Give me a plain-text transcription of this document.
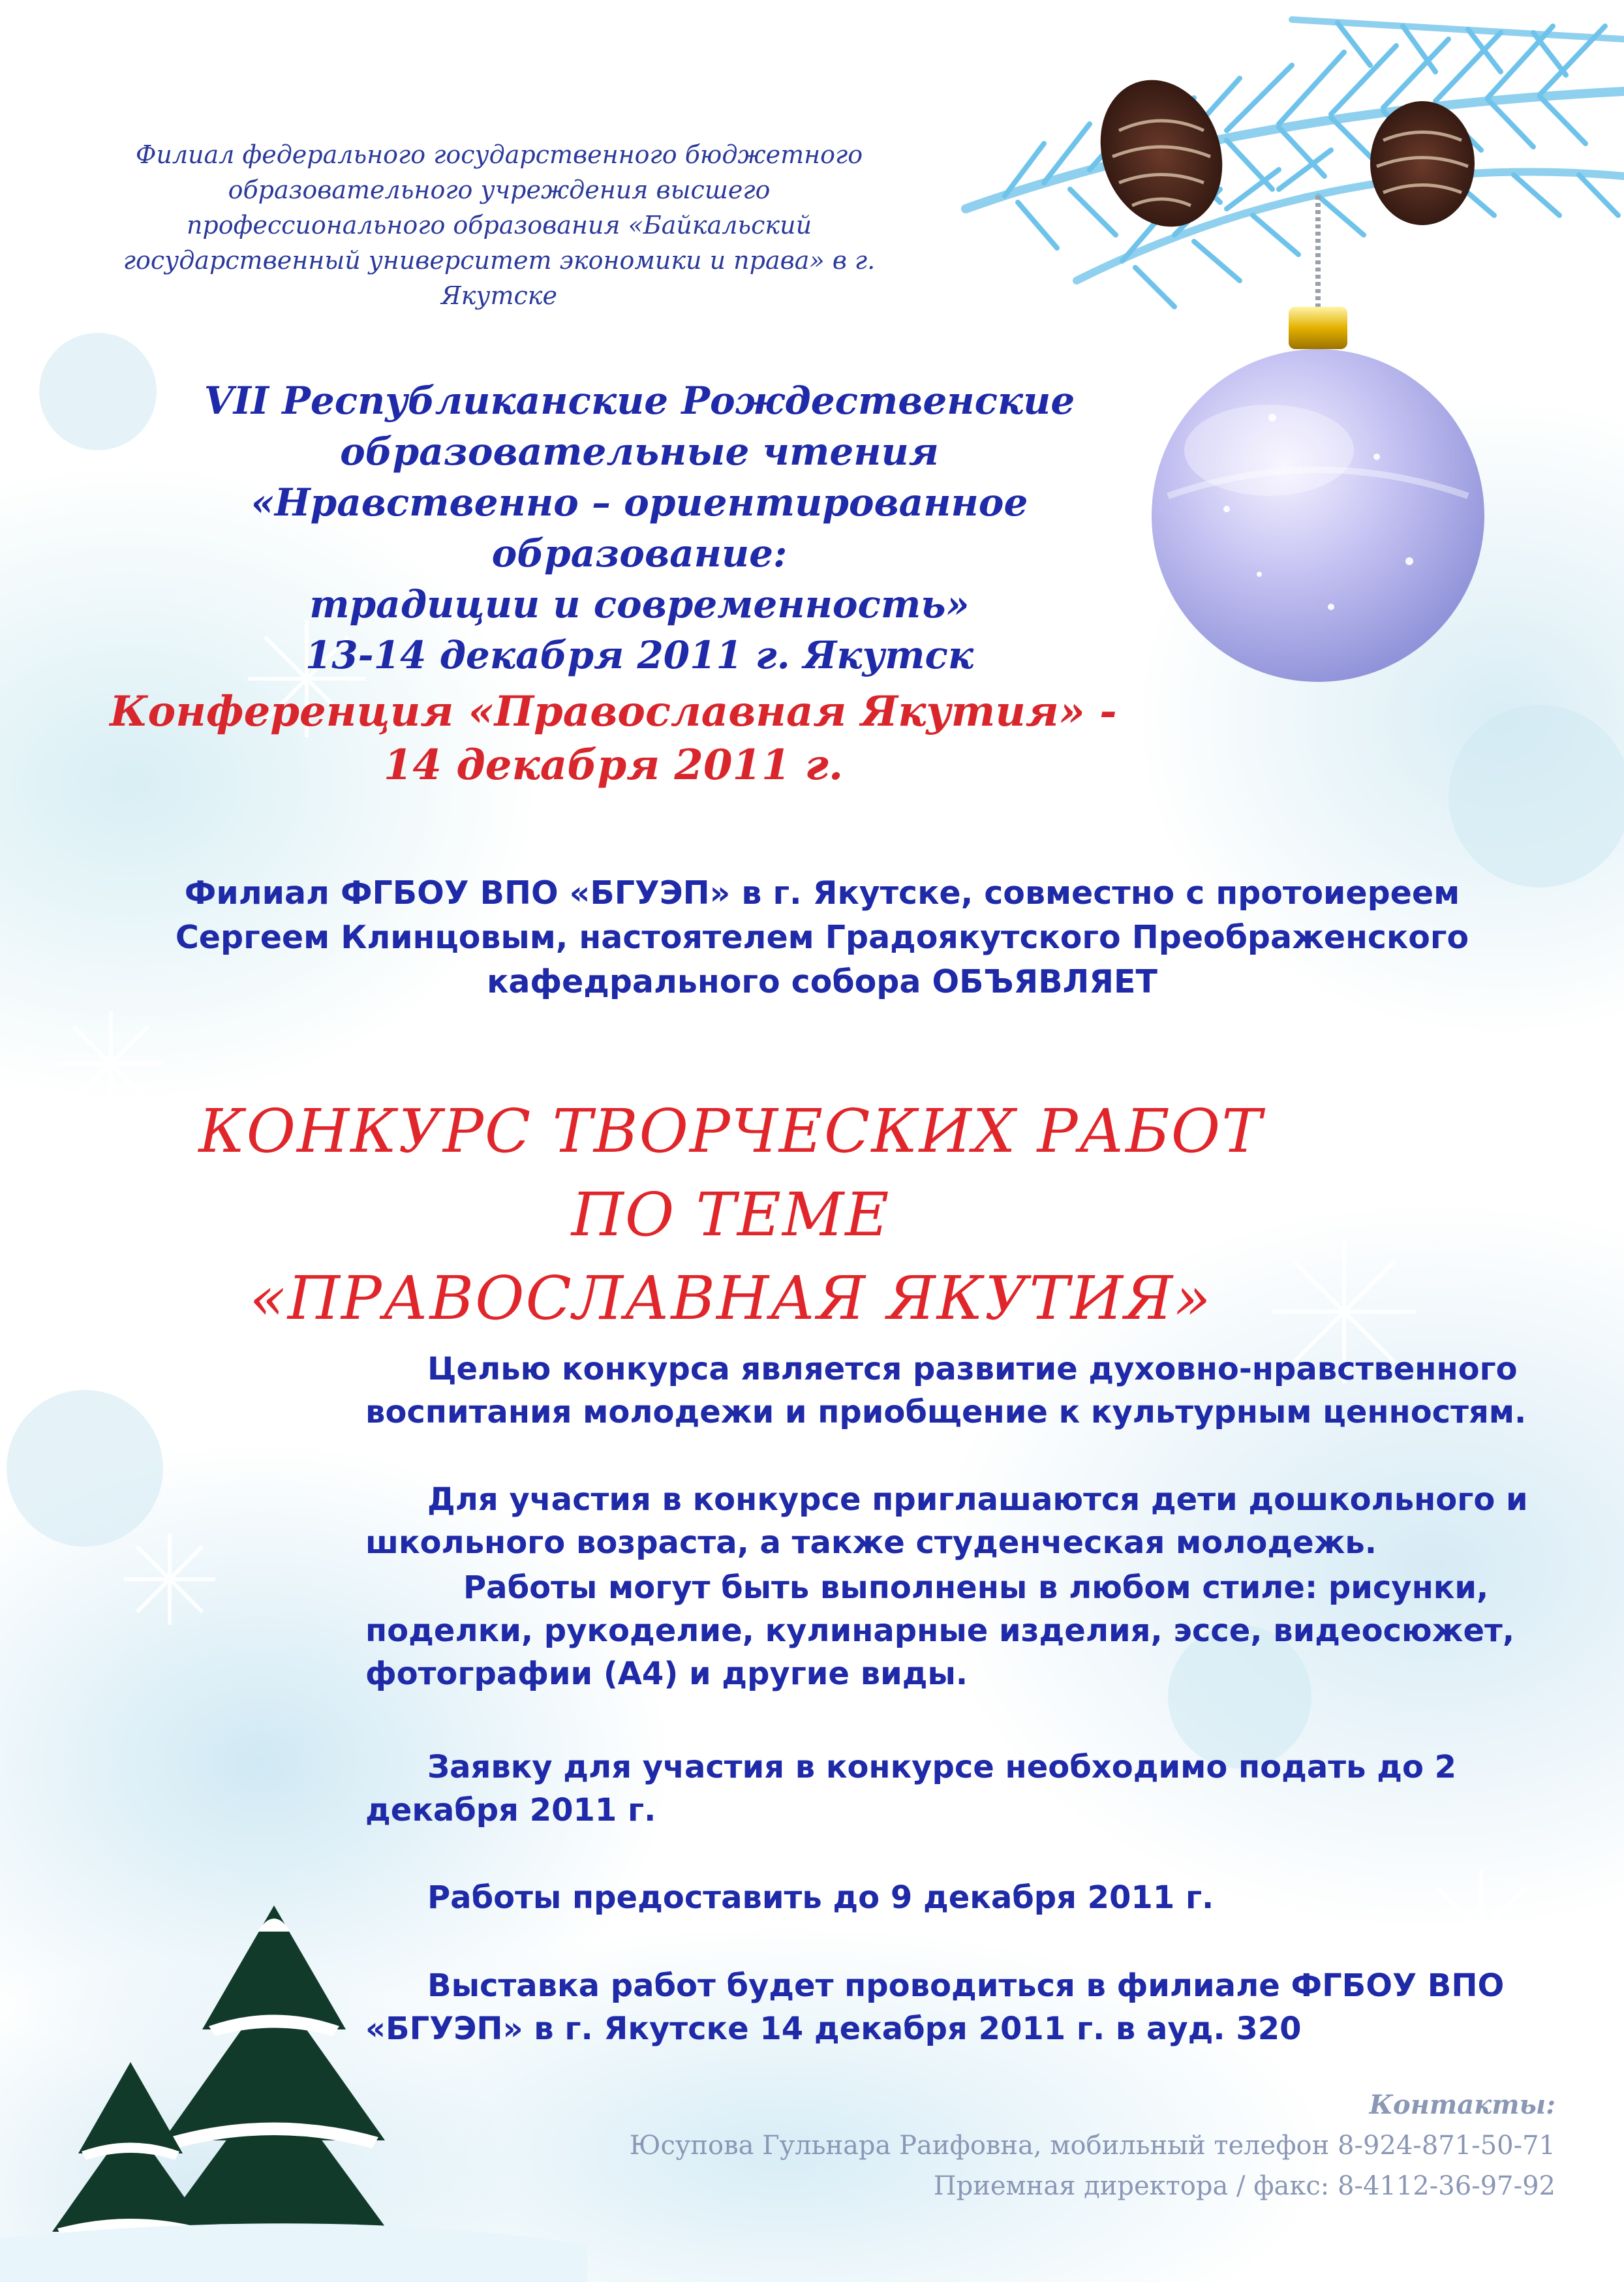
Филиал федерального государственного бюджетного
образовательного учреждения высшего
профессионального образования «Байкальский
государственный университет экономики и права» в г.
Якутске
VII Республиканские Рождественские
образовательные чтения
«Нравственно – ориентированное образование:
традиции и современность»
13-14 декабря 2011 г. Якутск
Конференция «Православная Якутия» -
14 декабря 2011 г.
Филиал ФГБОУ ВПО «БГУЭП» в г. Якутске, совместно с протоиереем
Сергеем Клинцовым, настоятелем Градоякутского Преображенского
кафедрального собора ОБЪЯВЛЯЕТ
КОНКУРС ТВОРЧЕСКИХ РАБОТ
ПО ТЕМЕ
«ПРАВОСЛАВНАЯ ЯКУТИЯ»
Целью конкурса является развитие духовно-нравственного воспитания молодежи и приобщение к культурным ценностям.
Для участия в конкурсе приглашаются дети дошкольного и школьного возраста, а также студенческая молодежь.
Работы могут быть выполнены в любом стиле: рисунки, поделки, рукоделие, кулинарные изделия, эссе, видеосюжет, фотографии (А4) и другие виды.
Заявку для участия в конкурсе необходимо подать до 2 декабря 2011 г.
Работы предоставить до 9 декабря 2011 г.
Выставка работ будет проводиться в филиале ФГБОУ ВПО
«БГУЭП» в г. Якутске 14 декабря 2011 г. в ауд. 320
Контакты:
Юсупова Гульнара Раифовна, мобильный телефон 8-924-871-50-71
Приемная директора / факс: 8-4112-36-97-92
